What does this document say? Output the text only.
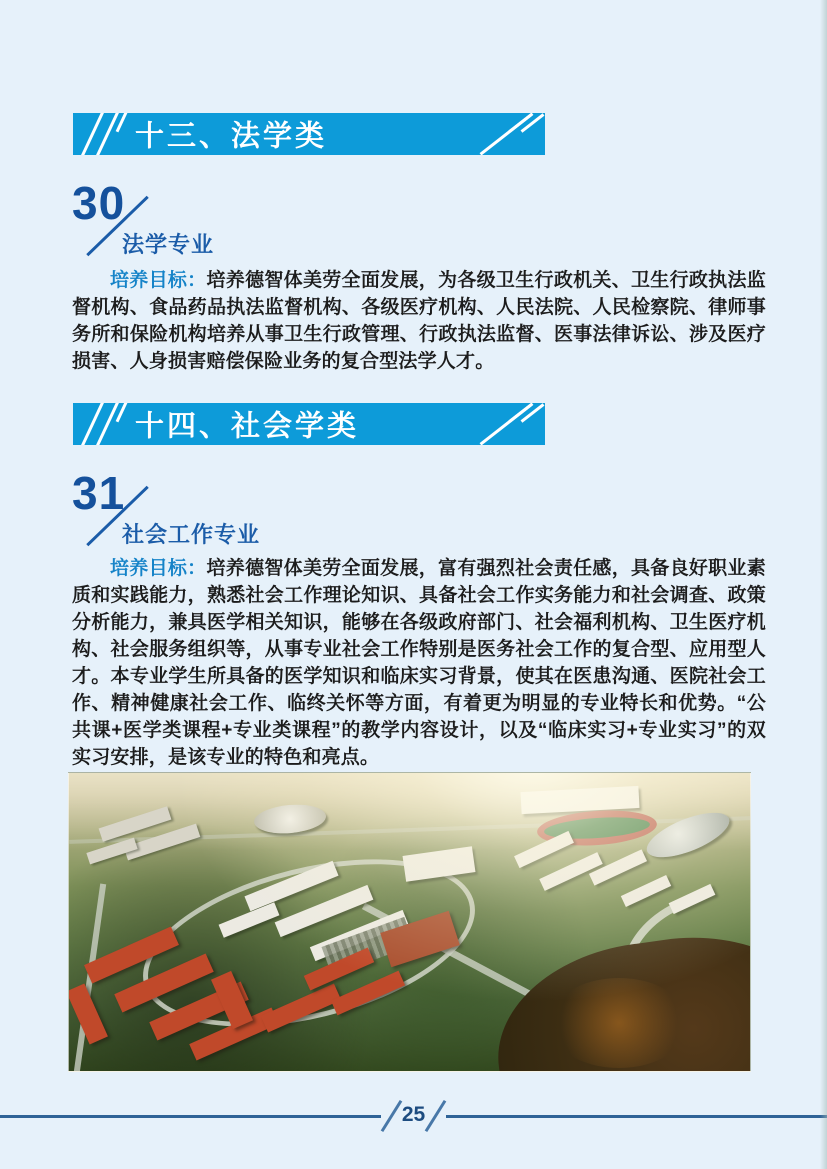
十三、法学类
30
法学专业

培养目标：培养德智体美劳全面发展，为各级卫生行政机关、卫生行政执法监督机构、食品药品执法监督机构、各级医疗机构、人民法院、人民检察院、律师事务所和保险机构培养从事卫生行政管理、行政执法监督、医事法律诉讼、涉及医疗损害、人身损害赔偿保险业务的复合型法学人才。

十四、社会学类
31
社会工作专业

培养目标：培养德智体美劳全面发展，富有强烈社会责任感，具备良好职业素质和实践能力，熟悉社会工作理论知识、具备社会工作实务能力和社会调查、政策分析能力，兼具医学相关知识，能够在各级政府部门、社会福利机构、卫生医疗机构、社会服务组织等，从事专业社会工作特别是医务社会工作的复合型、应用型人才。本专业学生所具备的医学知识和临床实习背景，使其在医患沟通、医院社会工作、精神健康社会工作、临终关怀等方面，有着更为明显的专业特长和优势。“公共课+医学类课程+专业类课程”的教学内容设计，以及“临床实习+专业实习”的双实习安排，是该专业的特色和亮点。

25
